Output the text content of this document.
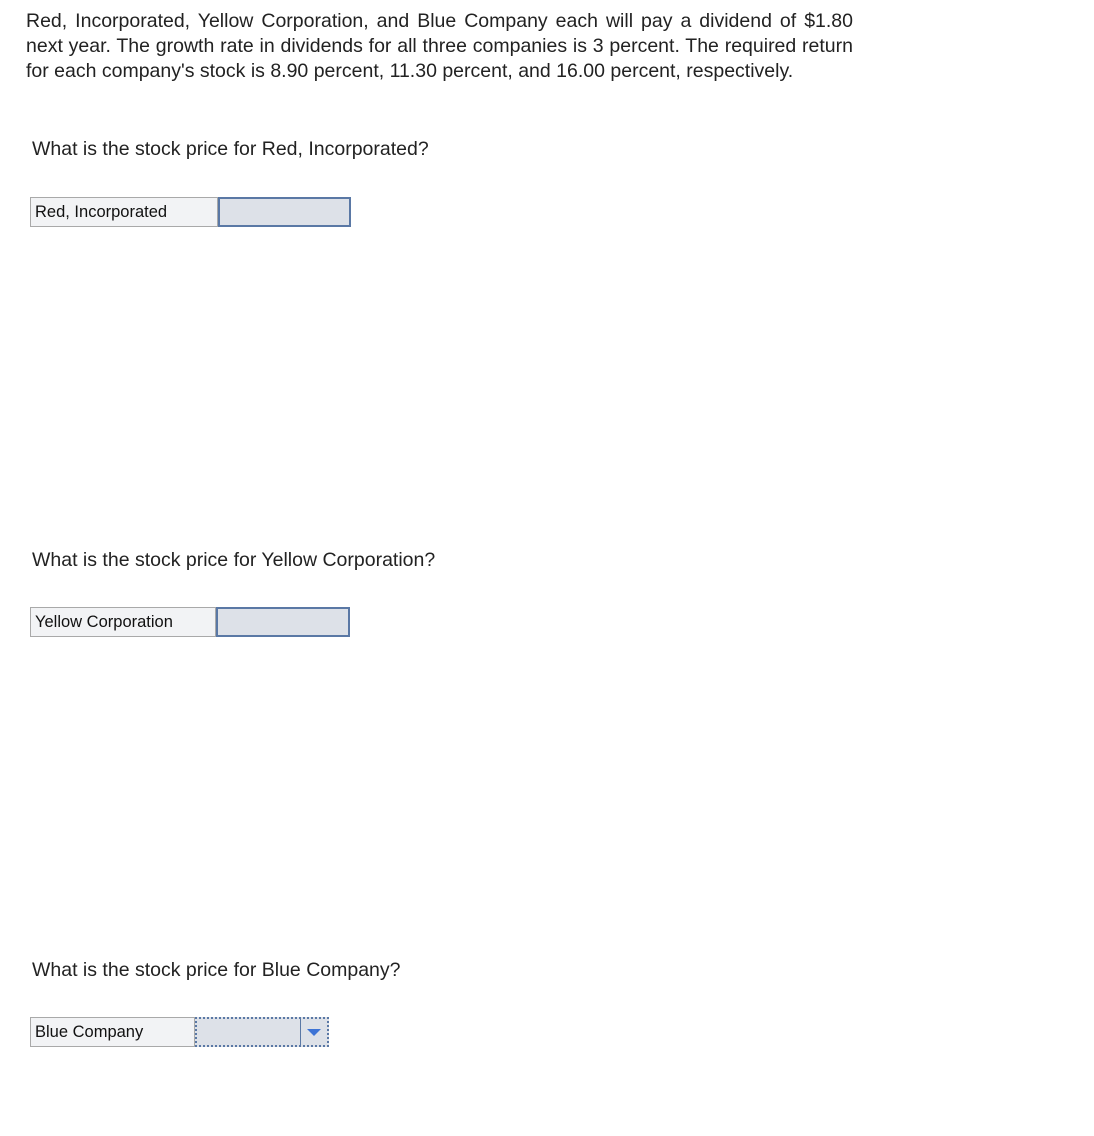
Red, Incorporated, Yellow Corporation, and Blue Company each will pay a dividend of $1.80 next year. The growth rate in dividends for all three companies is 3 percent. The required return for each company's stock is 8.90 percent, 11.30 percent, and 16.00 percent, respectively.

What is the stock price for Red, Incorporated?

Red, Incorporated

What is the stock price for Yellow Corporation?

Yellow Corporation

What is the stock price for Blue Company?

Blue Company
